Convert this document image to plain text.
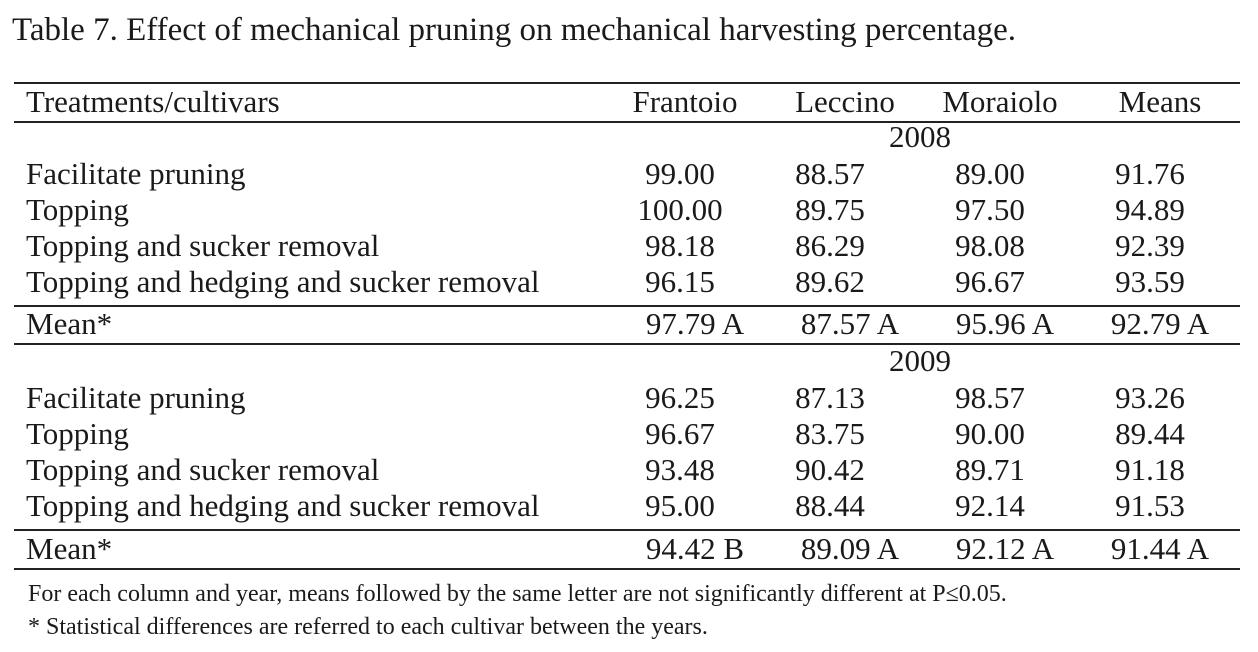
Table 7. Effect of mechanical pruning on mechanical harvesting percentage.
Treatments/cultivars	Frantoio	Leccino	Moraiolo	Means
2008
Facilitate pruning	99.00	88.57	89.00	91.76
Topping	100.00	89.75	97.50	94.89
Topping and sucker removal	98.18	86.29	98.08	92.39
Topping and hedging and sucker removal	96.15	89.62	96.67	93.59
Mean*	97.79 A	87.57 A	95.96 A	92.79 A
2009
Facilitate pruning	96.25	87.13	98.57	93.26
Topping	96.67	83.75	90.00	89.44
Topping and sucker removal	93.48	90.42	89.71	91.18
Topping and hedging and sucker removal	95.00	88.44	92.14	91.53
Mean*	94.42 B	89.09 A	92.12 A	91.44 A
For each column and year, means followed by the same letter are not significantly different at P≤0.05.
* Statistical differences are referred to each cultivar between the years.
